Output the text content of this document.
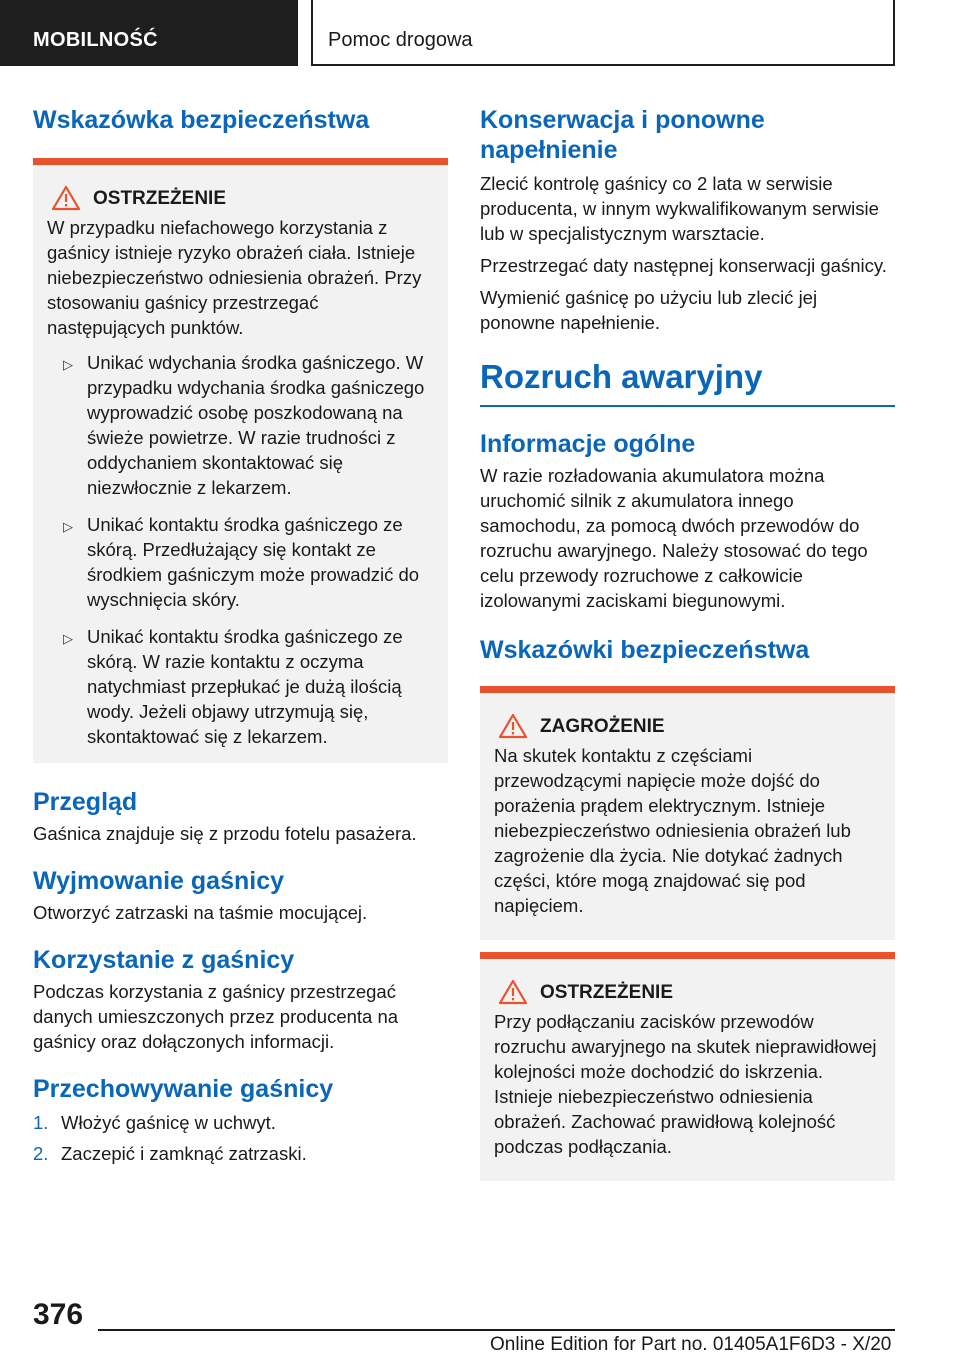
MOBILNOŚĆ	Pomoc drogowa
Wskazówka bezpieczeństwa
OSTRZEŻENIE

W przypadku niefachowego korzystania z gaśnicy istnieje ryzyko obrażeń ciała. Istnieje niebezpieczeństwo odniesienia obrażeń. Przy stosowaniu gaśnicy przestrzegać następujących punktów.

▷ Unikać wdychania środka gaśniczego. W przypadku wdychania środka gaśniczego wyprowadzić osobę poszkodowaną na świeże powietrze. W razie trudności z oddychaniem skontaktować się niezwłocznie z lekarzem.
▷ Unikać kontaktu środka gaśniczego ze skórą. Przedłużający się kontakt ze środkiem gaśniczym może prowadzić do wyschnięcia skóry.
▷ Unikać kontaktu środka gaśniczego ze skórą. W razie kontaktu z oczyma natychmiast przepłukać je dużą ilością wody. Jeżeli objawy utrzymują się, skontaktować się z lekarzem.
Przegląd

Gaśnica znajduje się z przodu fotelu pasażera.

Wyjmowanie gaśnicy

Otworzyć zatrzaski na taśmie mocującej.

Korzystanie z gaśnicy

Podczas korzystania z gaśnicy przestrzegać danych umieszczonych przez producenta na gaśnicy oraz dołączonych informacji.

Przechowywanie gaśnicy
1. Włożyć gaśnicę w uchwyt.
2. Zaczepić i zamknąć zatrzaski.
Konserwacja i ponowne napełnienie

Zlecić kontrolę gaśnicy co 2 lata w serwisie producenta, w innym wykwalifikowanym serwisie lub w specjalistycznym warsztacie.

Przestrzegać daty następnej konserwacji gaśnicy.

Wymienić gaśnicę po użyciu lub zlecić jej ponowne napełnienie.

Rozruch awaryjny
Informacje ogólne

W razie rozładowania akumulatora można uruchomić silnik z akumulatora innego samochodu, za pomocą dwóch przewodów do rozruchu awaryjnego. Należy stosować do tego celu przewody rozruchowe z całkowicie izolowanymi zaciskami biegunowymi.

Wskazówki bezpieczeństwa
ZAGROŻENIE

Na skutek kontaktu z częściami przewodzącymi napięcie może dojść do porażenia prądem elektrycznym. Istnieje niebezpieczeństwo odniesienia obrażeń lub zagrożenie dla życia. Nie dotykać żadnych części, które mogą znajdować się pod napięciem.

OSTRZEŻENIE

Przy podłączaniu zacisków przewodów rozruchu awaryjnego na skutek nieprawidłowej kolejności może dochodzić do iskrzenia. Istnieje niebezpieczeństwo odniesienia obrażeń. Zachować prawidłową kolejność podczas podłączania.

376
Online Edition for Part no. 01405A1F6D3 - X/20
